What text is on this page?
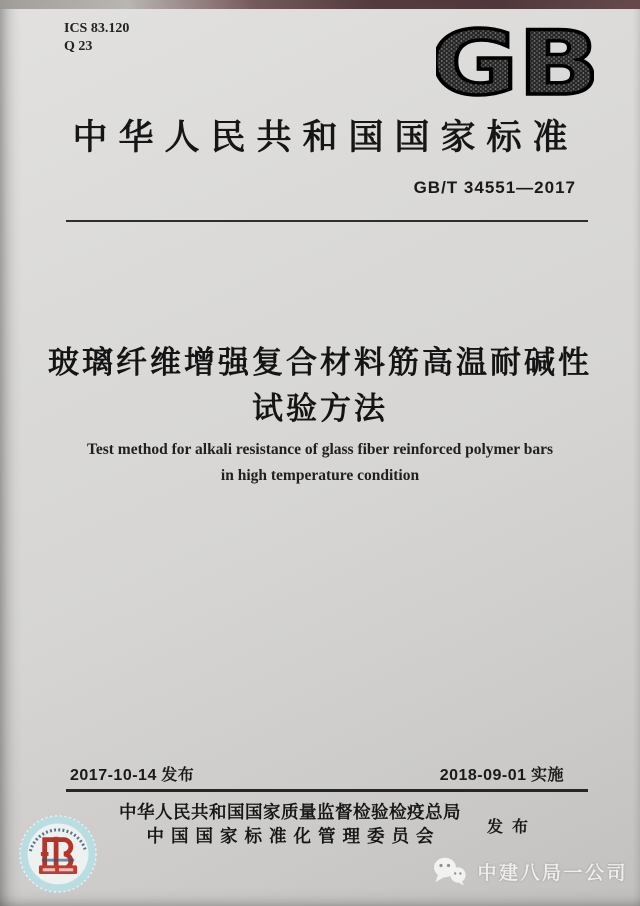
ICS 83.120
Q 23	GB
中华人民共和国国家标准
GB/T 34551—2017
玻璃纤维增强复合材料筋高温耐碱性
试验方法
Test method for alkali resistance of glass fiber reinforced polymer bars
in high temperature condition
2017-10-14 发布	2018-09-01 实施
中华人民共和国国家质量监督检验检疫总局
中国国家标准化管理委员会	发布
中建八局一公司
